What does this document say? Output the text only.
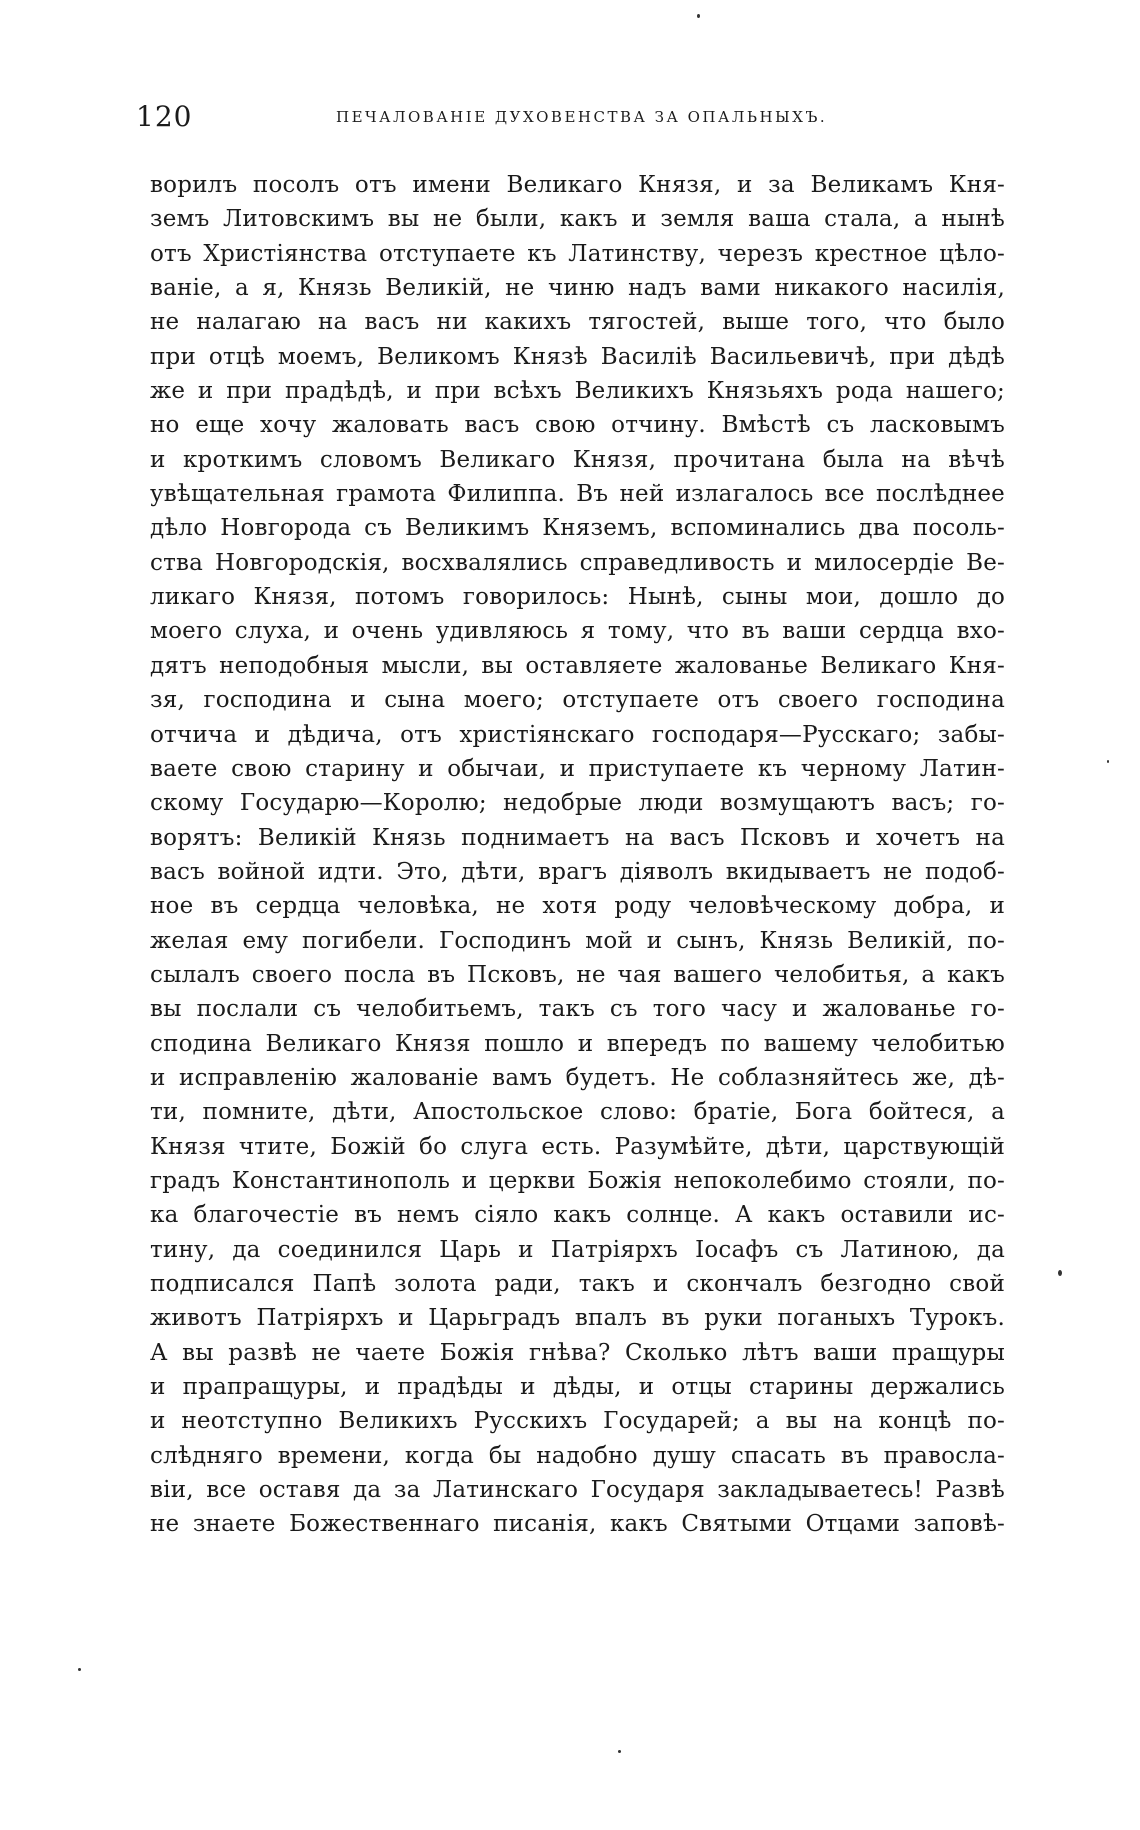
120	ПЕЧАЛОВАНIЕ ДУХОВЕНСТВА ЗА ОПАЛЬНЫХЪ.
ворилъ посолъ отъ имени Великаго Князя, и за Великамъ Кня-
земъ Литовскимъ вы не были, какъ и земля ваша стала, а нынѣ
отъ Христiянства отступаете къ Латинству, черезъ крестное цѣло-
ванiе, а я, Князь Великiй, не чиню надъ вами никакого насилiя,
не налагаю на васъ ни какихъ тягостей, выше того, что было
при отцѣ моемъ, Великомъ Князѣ Василiѣ Васильевичѣ, при дѣдѣ
же и при прадѣдѣ, и при всѣхъ Великихъ Князьяхъ рода нашего;
но еще хочу жаловать васъ свою отчину. Вмѣстѣ съ ласковымъ
и кроткимъ словомъ Великаго Князя, прочитана была на вѣчѣ
увѣщательная грамота Филиппа. Въ ней излагалось все послѣднее
дѣло Новгорода съ Великимъ Княземъ, вспоминались два посоль-
ства Новгородскiя, восхвалялись справедливость и милосердiе Ве-
ликаго Князя, потомъ говорилось: Нынѣ, сыны мои, дошло до
моего слуха, и очень удивляюсь я тому, что въ ваши сердца вхо-
дятъ неподобныя мысли, вы оставляете жалованье Великаго Кня-
зя, господина и сына моего; отступаете отъ своего господина
отчича и дѣдича, отъ христiянскаго господаря—Русскаго; забы-
ваете свою старину и обычаи, и приступаете къ черному Латин-
скому Государю—Королю; недобрые люди возмущаютъ васъ; го-
ворятъ: Великiй Князь поднимаетъ на васъ Псковъ и хочетъ на
васъ войной идти. Это, дѣти, врагъ дiяволъ вкидываетъ не подоб-
ное въ сердца человѣка, не хотя роду человѣческому добра, и
желая ему погибели. Господинъ мой и сынъ, Князь Великiй, по-
сылалъ своего посла въ Псковъ, не чая вашего челобитья, а какъ
вы послали съ челобитьемъ, такъ съ того часу и жалованье го-
сподина Великаго Князя пошло и впередъ по вашему челобитью
и исправленiю жалованiе вамъ будетъ. Не соблазняйтесь же, дѣ-
ти, помните, дѣти, Апостольское слово: братiе, Бога бойтеся, а
Князя чтите, Божiй бо слуга есть. Разумѣйте, дѣти, царствующiй
градъ Константинополь и церкви Божiя непоколебимо стояли, по-
ка благочестiе въ немъ сiяло какъ солнце. А какъ оставили ис-
тину, да соединился Царь и Патрiярхъ Iосафъ съ Латиною, да
подписался Папѣ золота ради, такъ и скончалъ безгодно свой
животъ Патрiярхъ и Царьградъ впалъ въ руки поганыхъ Турокъ.
А вы развѣ не чаете Божiя гнѣва? Сколько лѣтъ ваши пращуры
и прапращуры, и прадѣды и дѣды, и отцы старины держались
и неотступно Великихъ Русскихъ Государей; а вы на концѣ по-
слѣдняго времени, когда бы надобно душу спасать въ правосла-
вiи, все оставя да за Латинскаго Государя закладываетесь! Развѣ
не знаете Божественнаго писанiя, какъ Святыми Отцами заповѣ-
